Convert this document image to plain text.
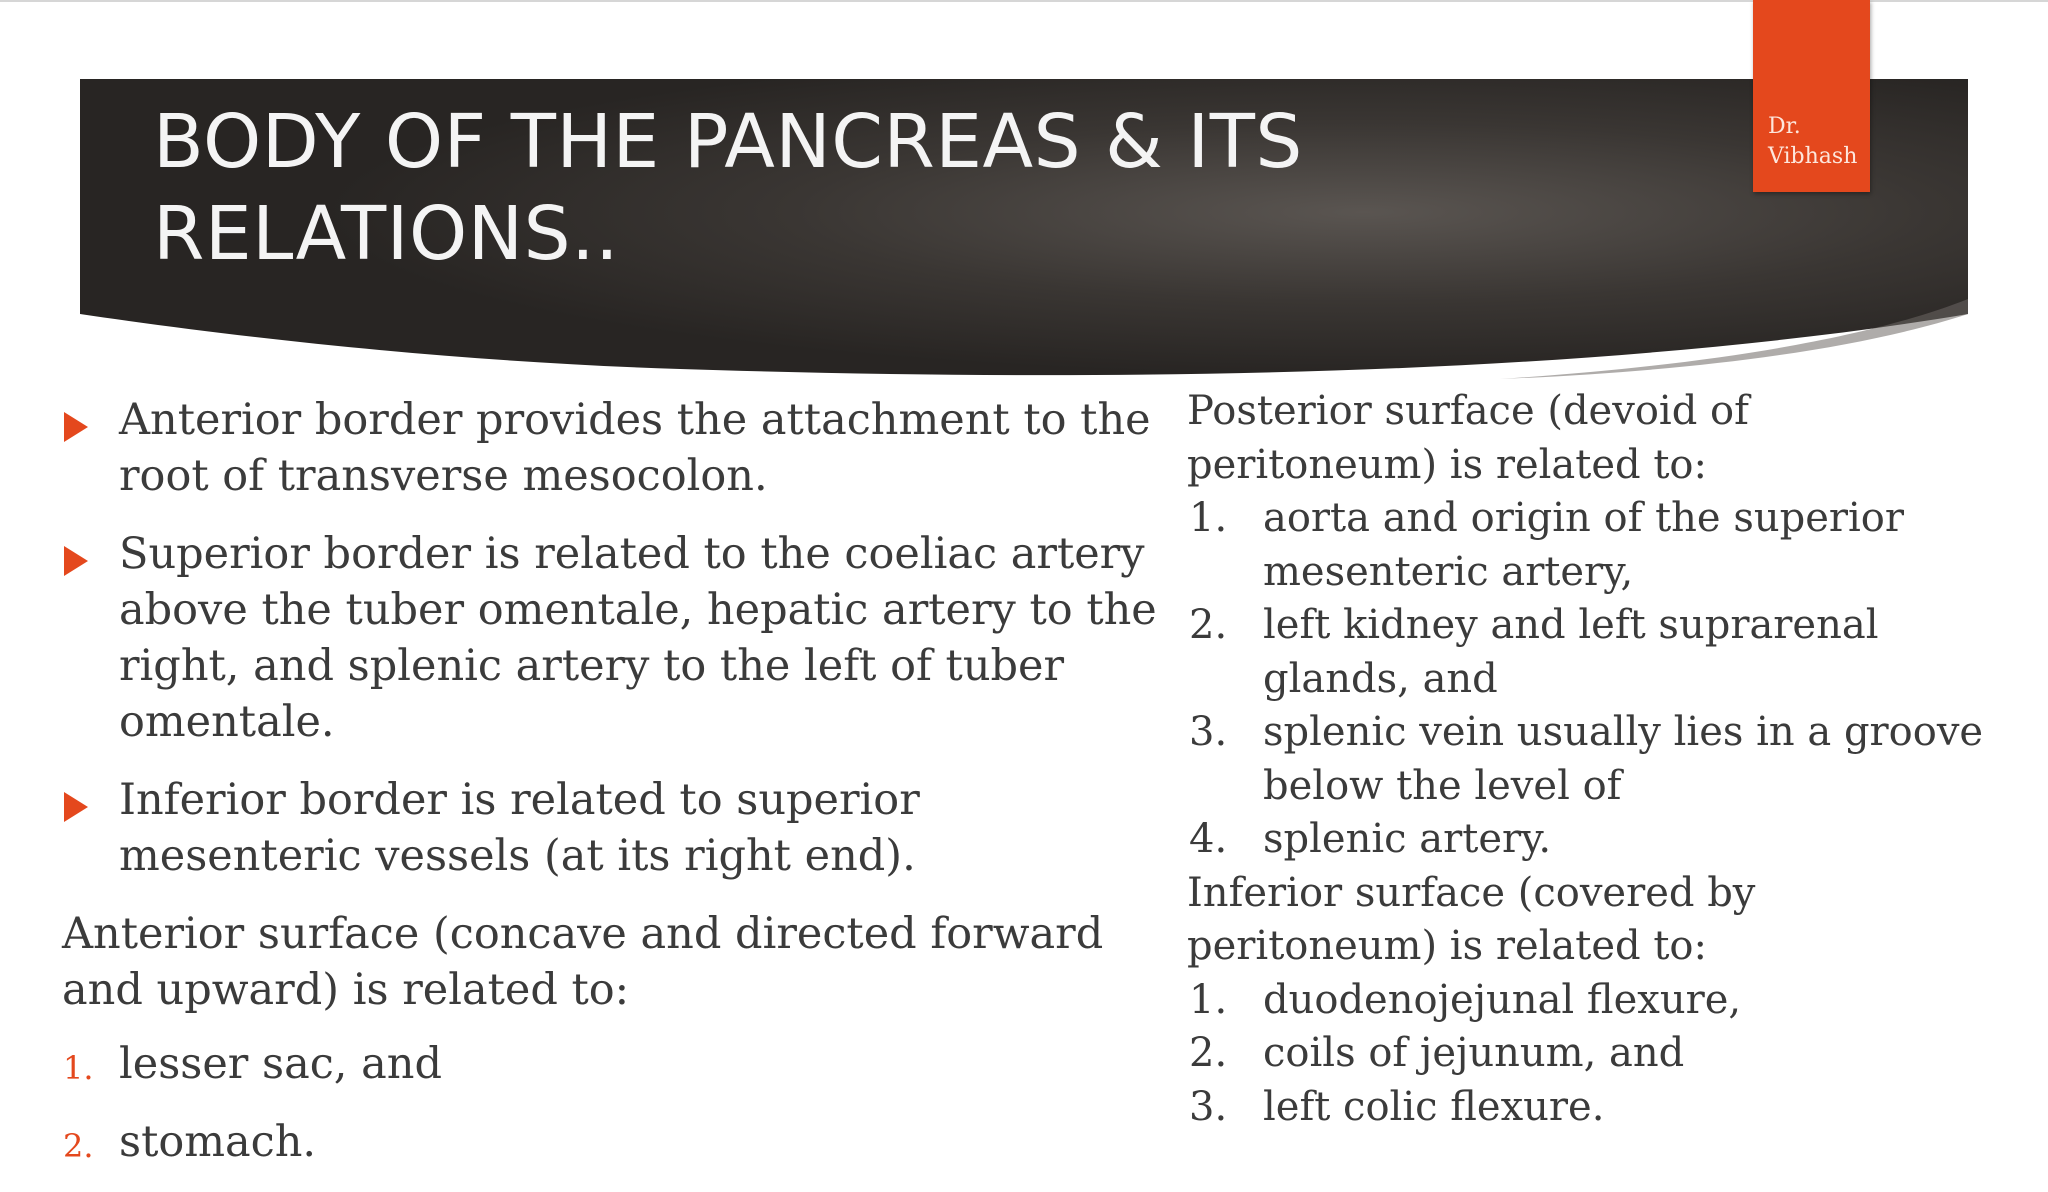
BODY OF THE PANCREAS & ITS
RELATIONS..
Dr.
Vibhash
Anterior border provides the attachment to the root of transverse mesocolon.
Superior border is related to the coeliac artery above the tuber omentale, hepatic artery to the right, and splenic artery to the left of tuber omentale.
Inferior border is related to superior mesenteric vessels (at its right end).

Anterior surface (concave and directed forward and upward) is related to:

1. lesser sac, and
2. stomach.

Posterior surface (devoid of peritoneum) is related to:

1. aorta and origin of the superior mesenteric artery,
2. left kidney and left suprarenal glands, and
3. splenic vein usually lies in a groove below the level of
4. splenic artery.

Inferior surface (covered by peritoneum) is related to:

1. duodenojejunal flexure,
2. coils of jejunum, and
3. left colic flexure.
